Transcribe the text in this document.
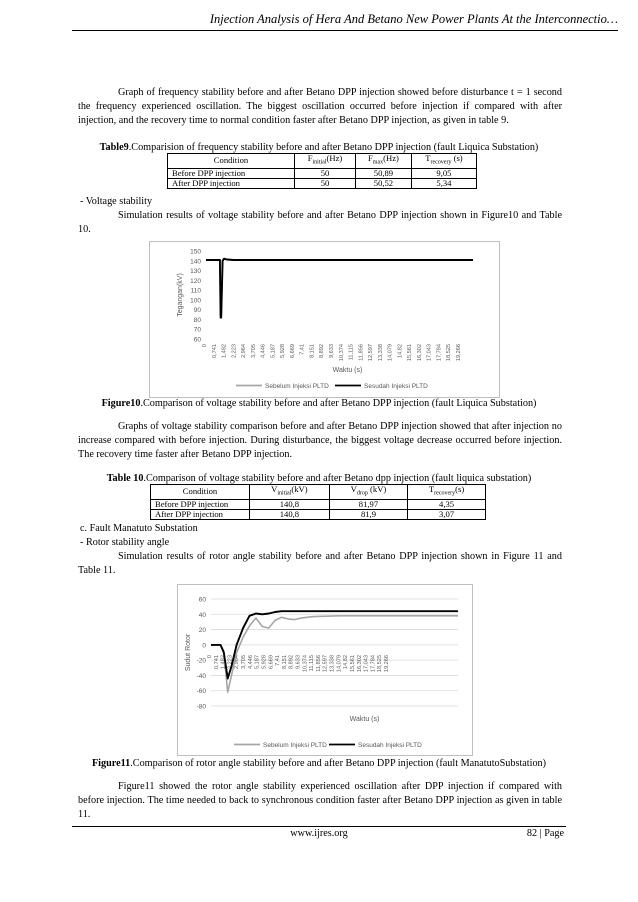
Injection Analysis of Hera And Betano New Power Plants At the Interconnectio…

Graph of frequency stability before and after Betano DPP injection showed before disturbance t = 1 second the frequency experienced oscillation. The biggest oscillation occurred before injection if compared with after injection, and the recovery time to normal condition faster after Betano DPP injection, as given in table 9.

Table9.Comparision of frequency stability before and after Betano DPP injection (fault Liquica Substation)
Condition	$F_{initial}(Hz)$	$F_{max}(Hz)$	$T_{recovery}$ (s)
Before DPP injection	50	50,89	9,05
After DPP injection	50	50,52	5,34
- Voltage stability

Simulation results of voltage stability before and after Betano DPP injection shown in Figure10 and Table 10.

60
70
80
90
100
110
120
130
140
150
0 0,741 1,482 2,223 2,964 3,705 4,446 5,187 5,928 6,669 7,41 8,151 8,892 9,633 10,374 11,115 11,856 12,597 13,338 14,079 14,82 15,561 16,302 17,043 17,784 18,525 19,266
Waktu (s)
Tegangan(kV)
Sebelum Injeksi PLTD	Sesudah Injeksi PLTD
Figure10.Comparison of voltage stability before and after Betano DPP injection (fault Liquica Substation)

Graphs of voltage stability comparison before and after Betano DPP injection showed that after injection no increase compared with before injection. During disturbance, the biggest voltage decrease occurred before injection. The recovery time faster after Betano DPP injection.

Table 10.Comparison of voltage stability before and after Betano dpp injection (fault liquica substation)
Condition	$V_{initial}(kV)$	$V_{drop}$ (kV)	$T_{recovery}(s)$
Before DPP injection	140,8	81,97	4,35
After DPP injection	140,8	81,9	3,07
c. Fault Manatuto Substation
- Rotor stability angle

Simulation results of rotor angle stability before and after Betano DPP injection shown in Figure 11 and Table 11.

-80
-60
-40
-20
0
20
40
60
0 0,741 1,482 2,223 2,964 3,705 4,446 5,187 5,928 6,669 7,41 8,151 8,892 9,633 10,374 11,115 11,856 12,597 13,338 14,079 14,82 15,561 16,302 17,043 17,784 18,525 19,266
Waktu (s)
Sudut Rotor
Sebelum Injeksi PLTD	Sesudah Injeksi PLTD
Figure11.Comparison of rotor angle stability before and after Betano DPP injection (fault ManatutoSubstation)

Figure11 showed the rotor angle stability experienced oscillation after DPP injection if compared with before injection. The time needed to back to synchronous condition faster after Betano DPP injection as given in table 11.

www.ijres.org	82 | Page
